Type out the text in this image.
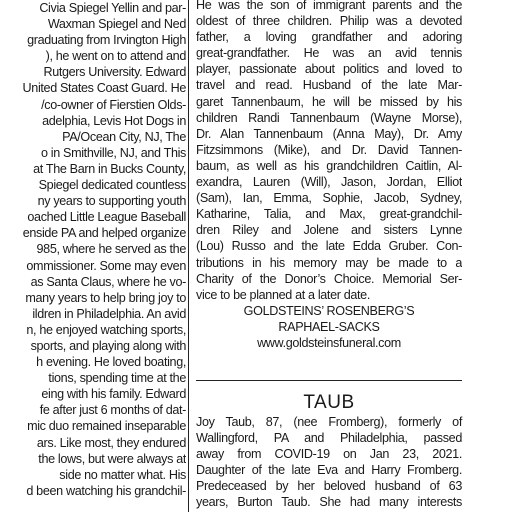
Civia Spiegel Yellin and par-
Waxman Spiegel and Ned
graduating from Irvington High
), he went on to attend and
Rutgers University. Edward
United States Coast Guard. He
/co-owner of Fierstien Olds-
adelphia, Levis Hot Dogs in
PA/Ocean City, NJ, The
o in Smithville, NJ, and This
at The Barn in Bucks County,
Spiegel dedicated countless
ny years to supporting youth
oached Little League Baseball
enside PA and helped organize
985, where he served as the
ommissioner. Some may even
as Santa Claus, where he vo-
many years to help bring joy to
ildren in Philadelphia. An avid
n, he enjoyed watching sports,
sports, and playing along with
h evening. He loved boating,
tions, spending time at the
eing with his family. Edward
fe after just 6 months of dat-
mic duo remained inseparable
ars. Like most, they endured
the lows, but were always at
side no matter what. His
d been watching his grandchil-
He was the son of immigrant parents and the
oldest of three children. Philip was a devoted
father, a loving grandfather and adoring
great-grandfather. He was an avid tennis
player, passionate about politics and loved to
travel and read. Husband of the late Mar-
garet Tannenbaum, he will be missed by his
children Randi Tannenbaum (Wayne Morse),
Dr. Alan Tannenbaum (Anna May), Dr. Amy
Fitzsimmons (Mike), and Dr. David Tannen-
baum, as well as his grandchildren Caitlin, Al-
exandra, Lauren (Will), Jason, Jordan, Elliot
(Sam), Ian, Emma, Sophie, Jacob, Sydney,
Katharine, Talia, and Max, great-grandchil-
dren Riley and Jolene and sisters Lynne
(Lou) Russo and the late Edda Gruber. Con-
tributions in his memory may be made to a
Charity of the Donor’s Choice. Memorial Ser-
vice to be planned at a later date.
GOLDSTEINS’ ROSENBERG’S
RAPHAEL-SACKS
www.goldsteinsfuneral.com
TAUB
Joy Taub, 87, (nee Fromberg), formerly of
Wallingford, PA and Philadelphia, passed
away from COVID-19 on Jan 23, 2021.
Daughter of the late Eva and Harry Fromberg.
Predeceased by her beloved husband of 63
years, Burton Taub. She had many interests
